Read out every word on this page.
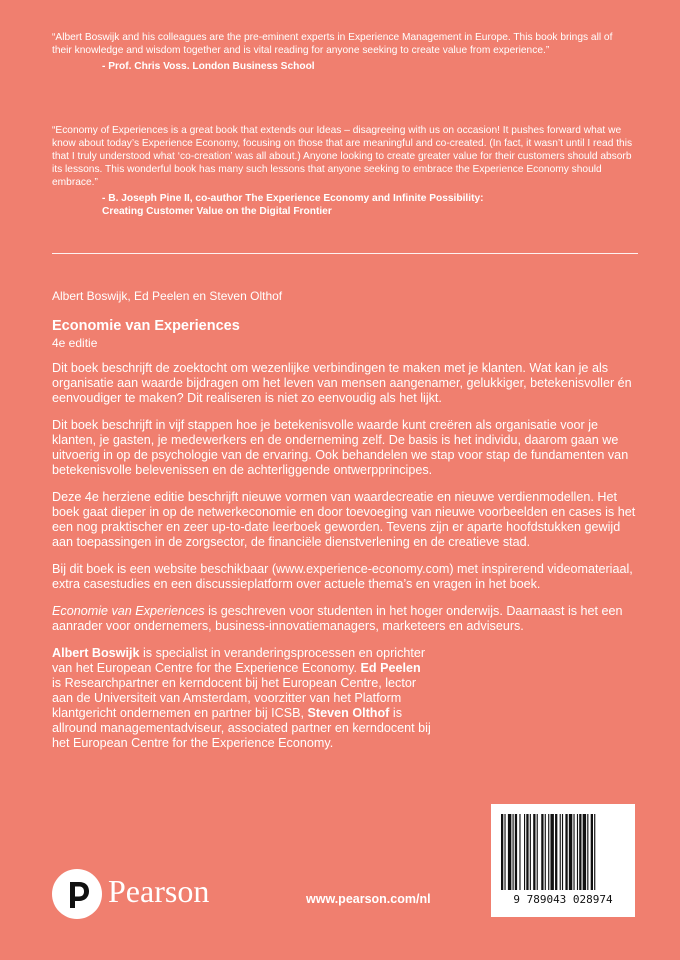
“Albert Boswijk and his colleagues are the pre-eminent experts in Experience Management in Europe. This book brings all of their knowledge and wisdom together and is vital reading for anyone seeking to create value from experience.”
- Prof. Chris Voss. London Business School
“Economy of Experiences is a great book that extends our Ideas – disagreeing with us on occasion! It pushes forward what we know about today’s Experience Economy, focusing on those that are meaningful and co-created. (In fact, it wasn’t until I read this that I truly understood what ‘co-creation’ was all about.) Anyone looking to create greater value for their customers should absorb its lessons. This wonderful book has many such lessons that anyone seeking to embrace the Experience Economy should embrace.”
- B. Joseph Pine II, co-author The Experience Economy and Infinite Possibility:
Creating Customer Value on the Digital Frontier
Albert Boswijk, Ed Peelen en Steven Olthof
Economie van Experiences
4e editie

Dit boek beschrijft de zoektocht om wezenlijke verbindingen te maken met je klanten. Wat kan je als organisatie aan waarde bijdragen om het leven van mensen aangenamer, gelukkiger, betekenisvoller én eenvoudiger te maken? Dit realiseren is niet zo eenvoudig als het lijkt.

Dit boek beschrijft in vijf stappen hoe je betekenisvolle waarde kunt creëren als organisatie voor je klanten, je gasten, je medewerkers en de onderneming zelf. De basis is het individu, daarom gaan we uitvoerig in op de psychologie van de ervaring. Ook behandelen we stap voor stap de fundamenten van betekenisvolle belevenissen en de achterliggende ontwerpprincipes.

Deze 4e herziene editie beschrijft nieuwe vormen van waardecreatie en nieuwe verdienmodellen. Het boek gaat dieper in op de netwerkeconomie en door toevoeging van nieuwe voorbeelden en cases is het een nog praktischer en zeer up-to-date leerboek geworden. Tevens zijn er aparte hoofdstukken gewijd aan toepassingen in de zorgsector, de financiële dienstverlening en de creatieve stad.

Bij dit boek is een website beschikbaar (www.experience-economy.com) met inspirerend videomateriaal, extra casestudies en een discussieplatform over actuele thema’s en vragen in het boek.

Economie van Experiences is geschreven voor studenten in het hoger onderwijs. Daarnaast is het een aanrader voor ondernemers, business-innovatiemanagers, marketeers en adviseurs.

Albert Boswijk is specialist in veranderingsprocessen en oprichter van het European Centre for the Experience Economy. Ed Peelen is Researchpartner en kerndocent bij het European Centre, lector aan de Universiteit van Amsterdam, voorzitter van het Platform klantgericht ondernemen en partner bij ICSB, Steven Olthof is allround managementadviseur, associated partner en kerndocent bij het European Centre for the Experience Economy.

Pearson	www.pearson.com/nl	9 789043 028974
